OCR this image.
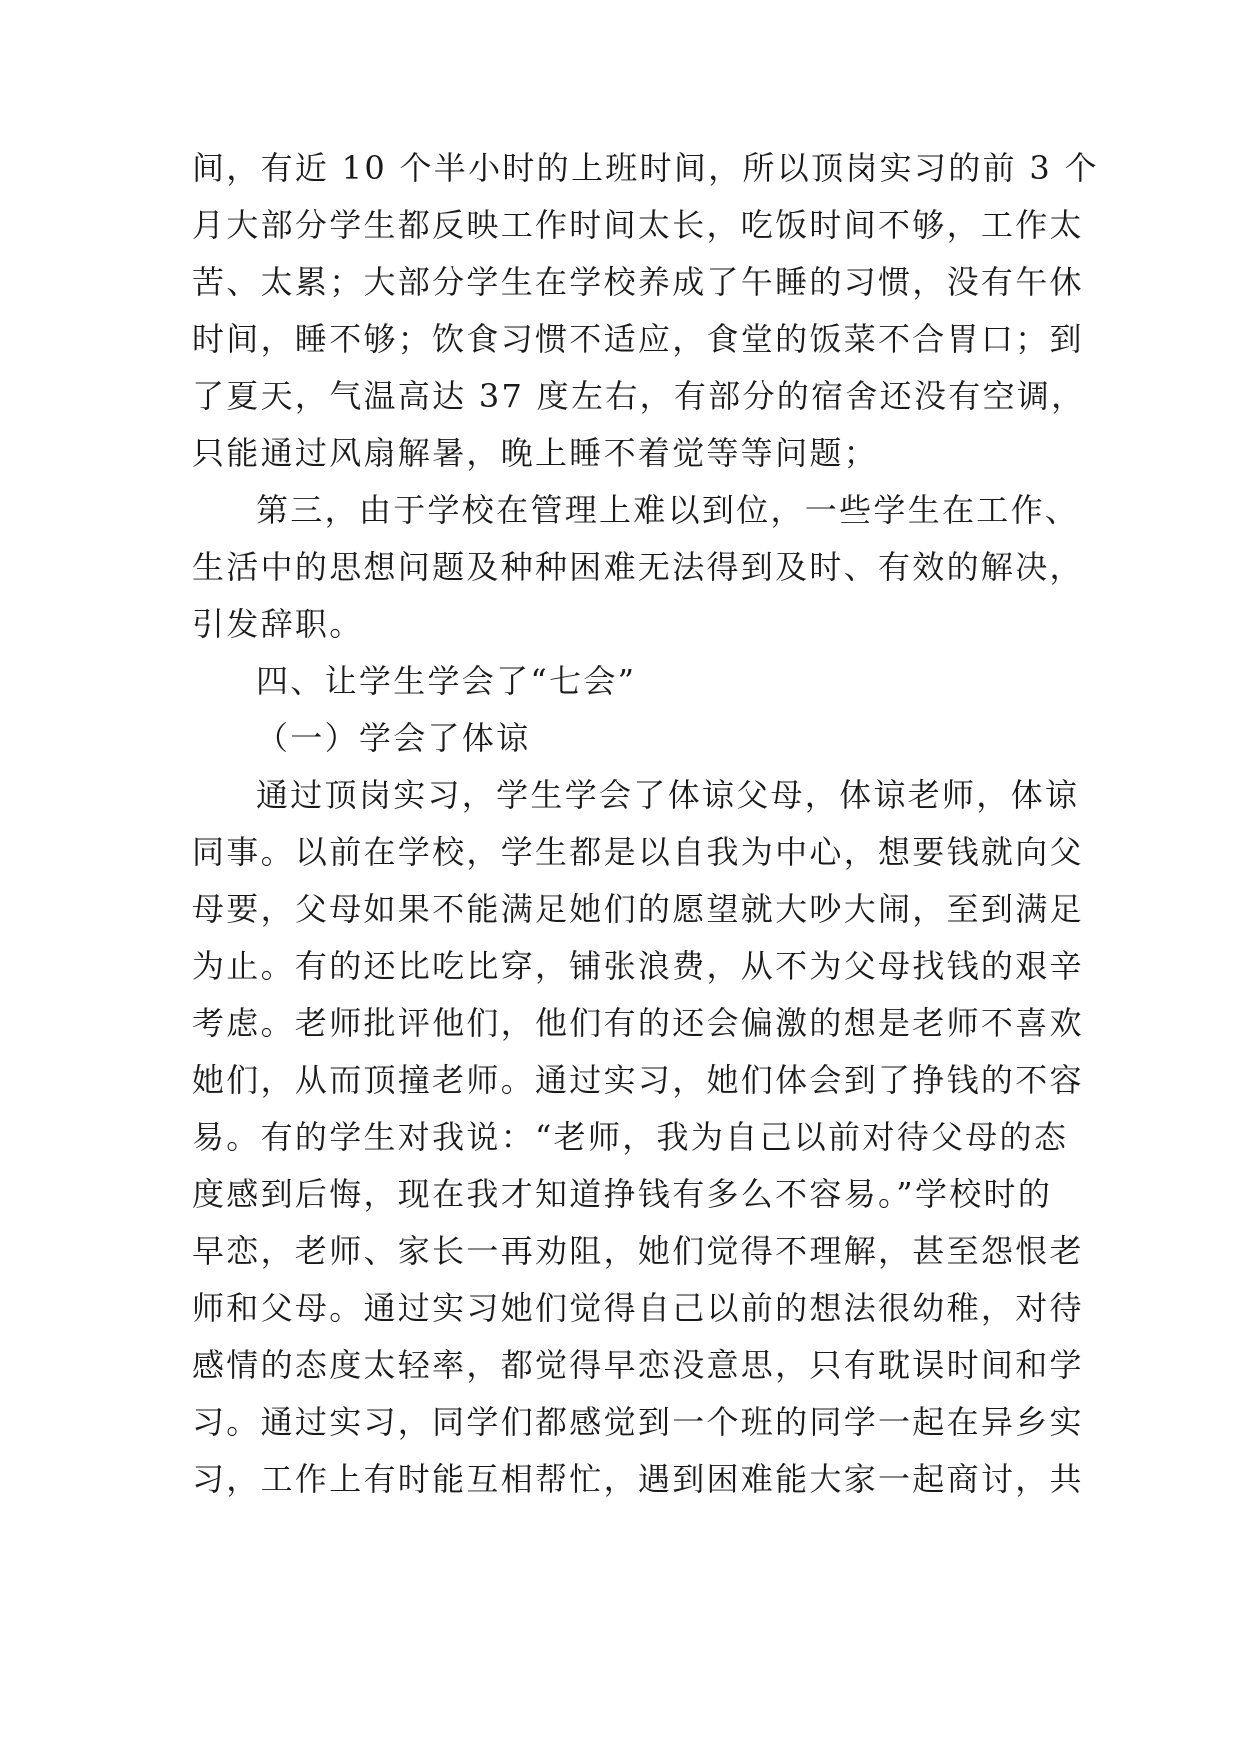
间，有近 10 个半小时的上班时间，所以顶岗实习的前 3 个
月大部分学生都反映工作时间太长，吃饭时间不够，工作太
苦、太累；大部分学生在学校养成了午睡的习惯，没有午休
时间，睡不够；饮食习惯不适应，食堂的饭菜不合胃口；到
了夏天，气温高达 37 度左右，有部分的宿舍还没有空调，
只能通过风扇解暑，晚上睡不着觉等等问题；
第三，由于学校在管理上难以到位，一些学生在工作、
生活中的思想问题及种种困难无法得到及时、有效的解决，
引发辞职。
四、让学生学会了“七会”
（一）学会了体谅
通过顶岗实习，学生学会了体谅父母，体谅老师，体谅
同事。以前在学校，学生都是以自我为中心，想要钱就向父
母要，父母如果不能满足她们的愿望就大吵大闹，至到满足
为止。有的还比吃比穿，铺张浪费，从不为父母找钱的艰辛
考虑。老师批评他们，他们有的还会偏激的想是老师不喜欢
她们，从而顶撞老师。通过实习，她们体会到了挣钱的不容
易。有的学生对我说：“老师，我为自己以前对待父母的态
度感到后悔，现在我才知道挣钱有多么不容易。”学校时的
早恋，老师、家长一再劝阻，她们觉得不理解，甚至怨恨老
师和父母。通过实习她们觉得自己以前的想法很幼稚，对待
感情的态度太轻率，都觉得早恋没意思，只有耽误时间和学
习。通过实习，同学们都感觉到一个班的同学一起在异乡实
习，工作上有时能互相帮忙，遇到困难能大家一起商讨，共
